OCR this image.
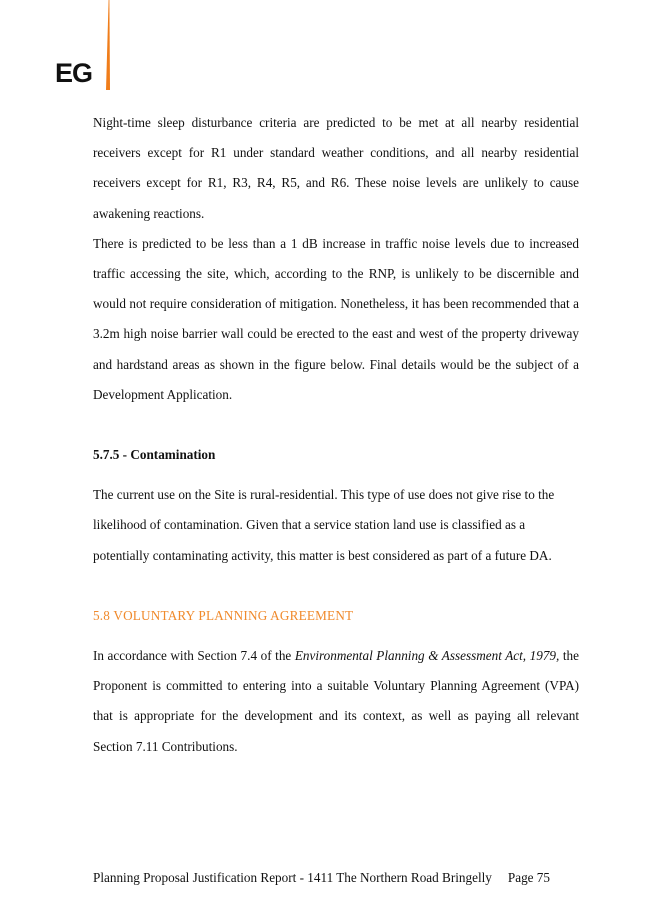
EG

Night-time sleep disturbance criteria are predicted to be met at all nearby residential receivers except for R1 under standard weather conditions, and all nearby residential receivers except for R1, R3, R4, R5, and R6. These noise levels are unlikely to cause awakening reactions.

There is predicted to be less than a 1 dB increase in traffic noise levels due to increased traffic accessing the site, which, according to the RNP, is unlikely to be discernible and would not require consideration of mitigation. Nonetheless, it has been recommended that a 3.2m high noise barrier wall could be erected to the east and west of the property driveway and hardstand areas as shown in the figure below. Final details would be the subject of a Development Application.

5.7.5 - Contamination

The current use on the Site is rural-residential. This type of use does not give rise to the likelihood of contamination. Given that a service station land use is classified as a potentially contaminating activity, this matter is best considered as part of a future DA.

5.8 VOLUNTARY PLANNING AGREEMENT

In accordance with Section 7.4 of the Environmental Planning & Assessment Act, 1979, the Proponent is committed to entering into a suitable Voluntary Planning Agreement (VPA) that is appropriate for the development and its context, as well as paying all relevant Section 7.11 Contributions.

Planning Proposal Justification Report - 1411 The Northern Road Bringelly Page 75
